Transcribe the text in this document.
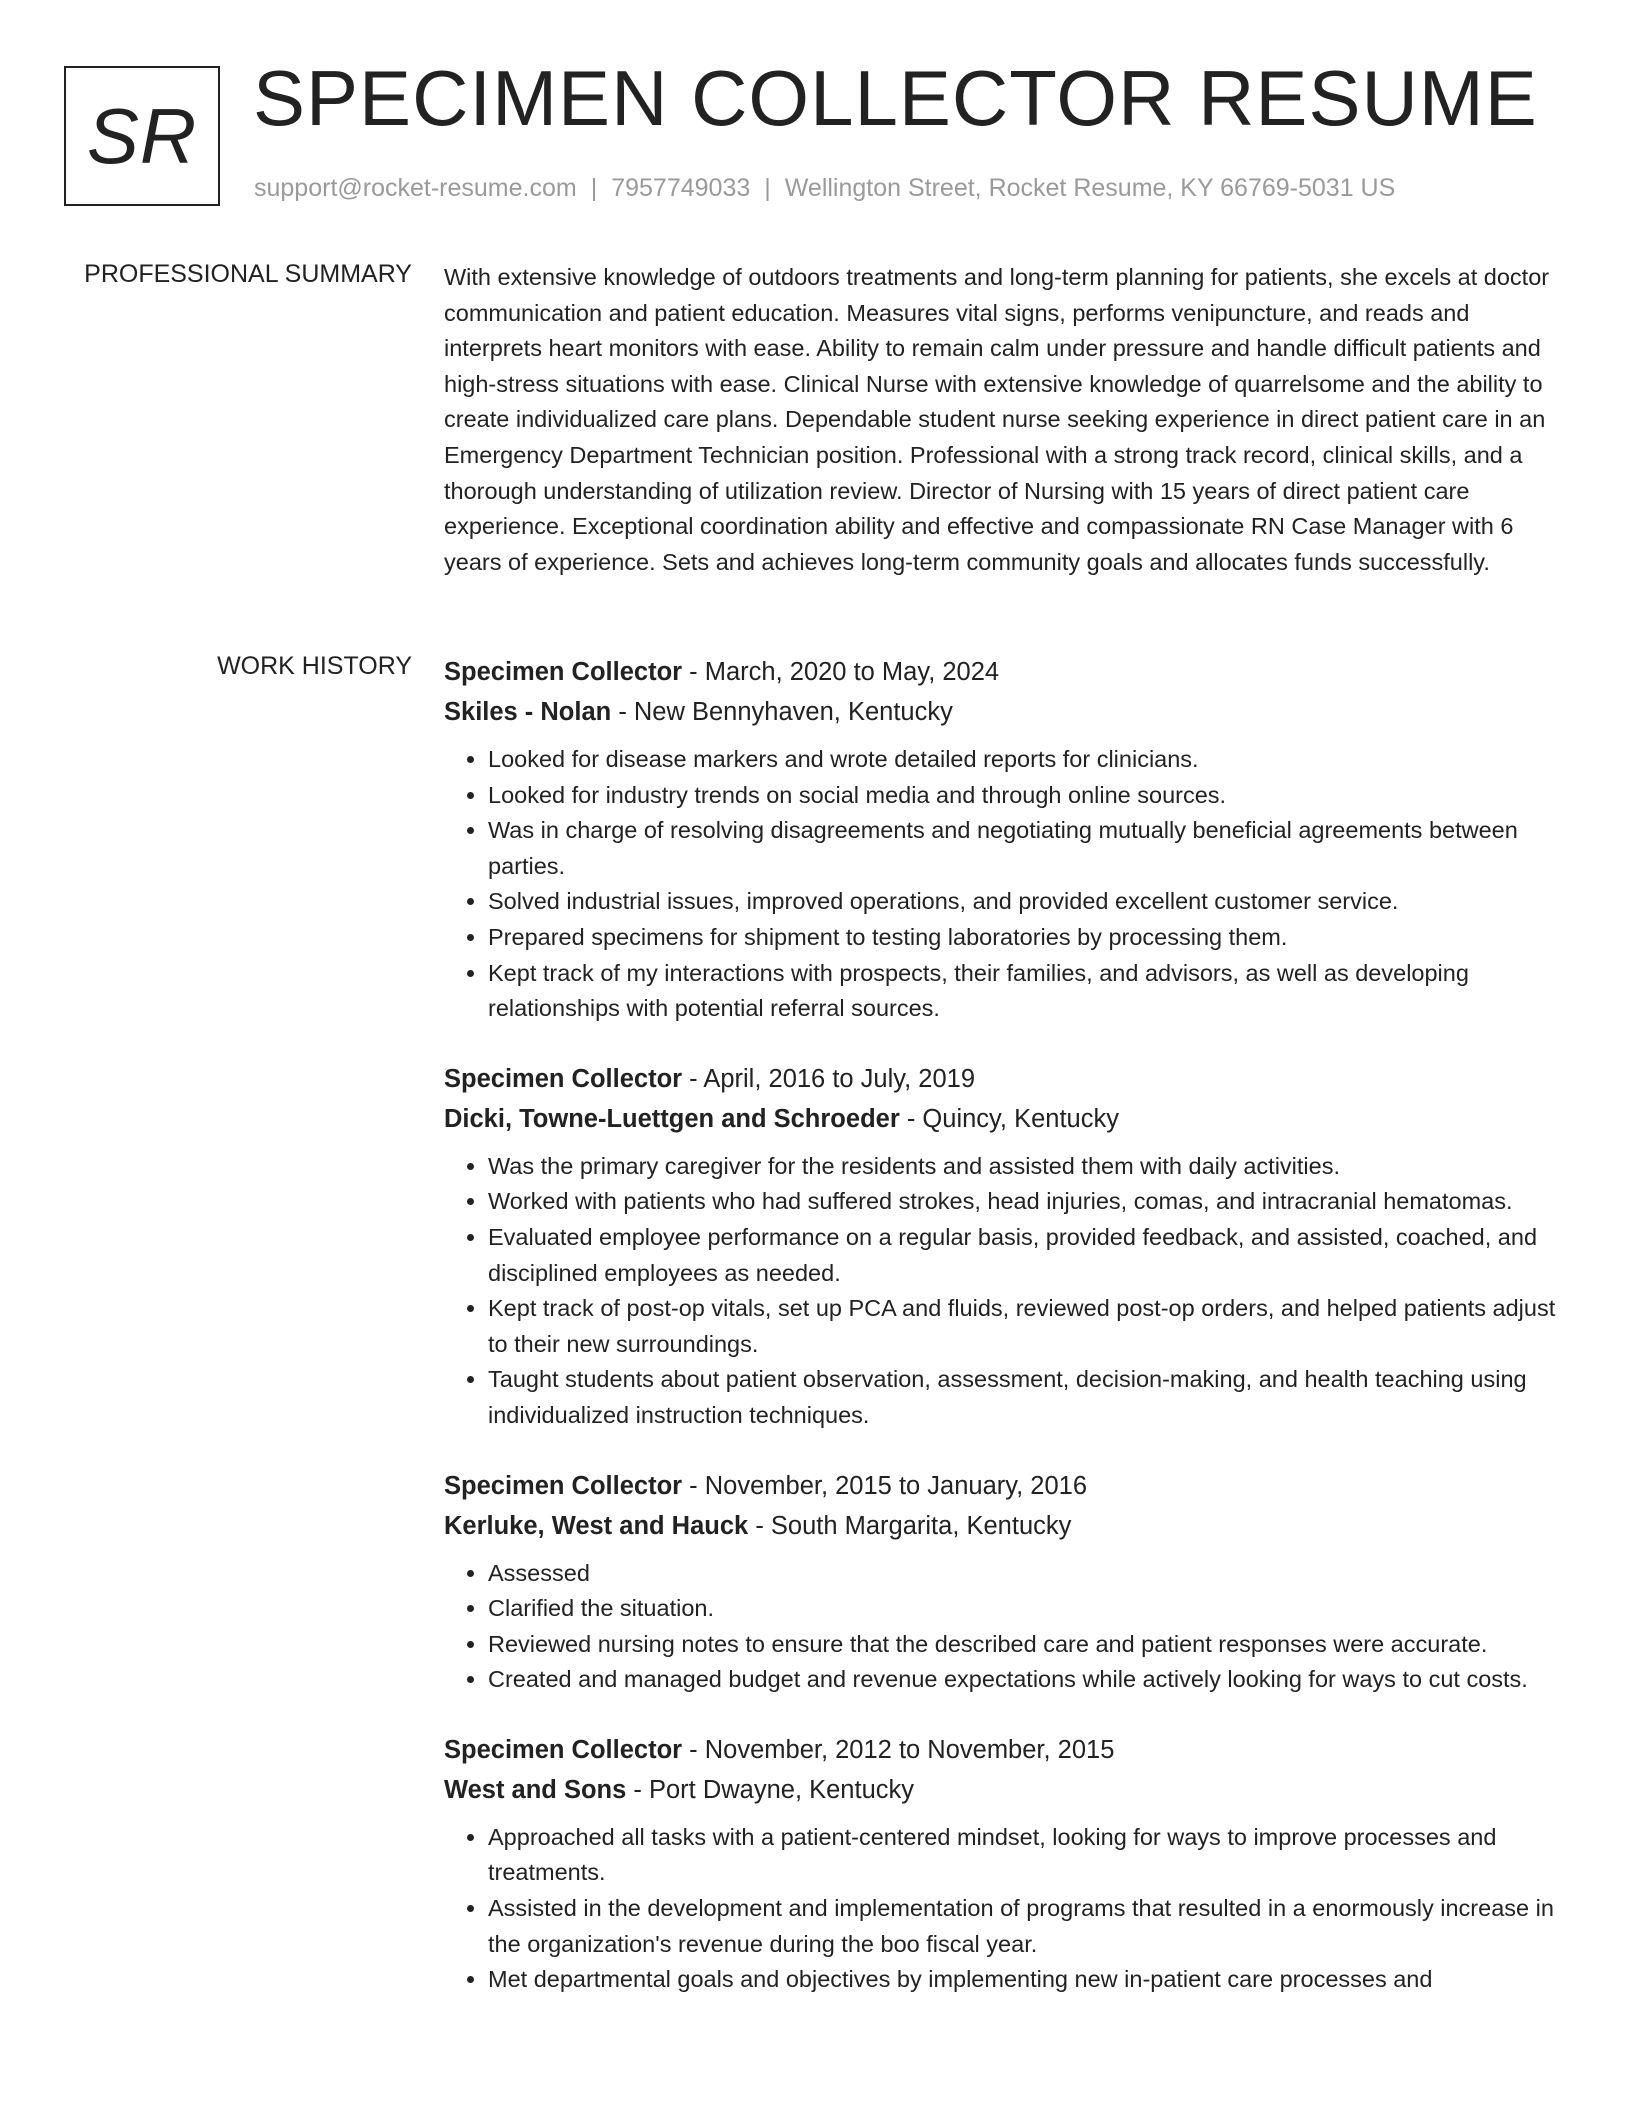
SR SPECIMEN COLLECTOR RESUME
support@rocket-resume.com | 7957749033 | Wellington Street, Rocket Resume, KY 66769-5031 US
PROFESSIONAL SUMMARY With extensive knowledge of outdoors treatments and long-term planning for patients, she excels at doctor communication and patient education. Measures vital signs, performs venipuncture, and reads and interprets heart monitors with ease. Ability to remain calm under pressure and handle difficult patients and high-stress situations with ease. Clinical Nurse with extensive knowledge of quarrelsome and the ability to create individualized care plans. Dependable student nurse seeking experience in direct patient care in an Emergency Department Technician position. Professional with a strong track record, clinical skills, and a thorough understanding of utilization review. Director of Nursing with 15 years of direct patient care experience. Exceptional coordination ability and effective and compassionate RN Case Manager with 6 years of experience. Sets and achieves long-term community goals and allocates funds successfully.

WORK HISTORY Specimen Collector - March, 2020 to May, 2024
Skiles - Nolan - New Bennyhaven, Kentucky
• Looked for disease markers and wrote detailed reports for clinicians.
• Looked for industry trends on social media and through online sources.
• Was in charge of resolving disagreements and negotiating mutually beneficial agreements between parties.
• Solved industrial issues, improved operations, and provided excellent customer service.
• Prepared specimens for shipment to testing laboratories by processing them.
• Kept track of my interactions with prospects, their families, and advisors, as well as developing relationships with potential referral sources.
Specimen Collector - April, 2016 to July, 2019
Dicki, Towne-Luettgen and Schroeder - Quincy, Kentucky
• Was the primary caregiver for the residents and assisted them with daily activities.
• Worked with patients who had suffered strokes, head injuries, comas, and intracranial hematomas.
• Evaluated employee performance on a regular basis, provided feedback, and assisted, coached, and disciplined employees as needed.
• Kept track of post-op vitals, set up PCA and fluids, reviewed post-op orders, and helped patients adjust to their new surroundings.
• Taught students about patient observation, assessment, decision-making, and health teaching using individualized instruction techniques.
Specimen Collector - November, 2015 to January, 2016
Kerluke, West and Hauck - South Margarita, Kentucky
• Assessed
• Clarified the situation.
• Reviewed nursing notes to ensure that the described care and patient responses were accurate.
• Created and managed budget and revenue expectations while actively looking for ways to cut costs.
Specimen Collector - November, 2012 to November, 2015
West and Sons - Port Dwayne, Kentucky
• Approached all tasks with a patient-centered mindset, looking for ways to improve processes and treatments.
• Assisted in the development and implementation of programs that resulted in a enormously increase in the organization's revenue during the boo fiscal year.
• Met departmental goals and objectives by implementing new in-patient care processes and
